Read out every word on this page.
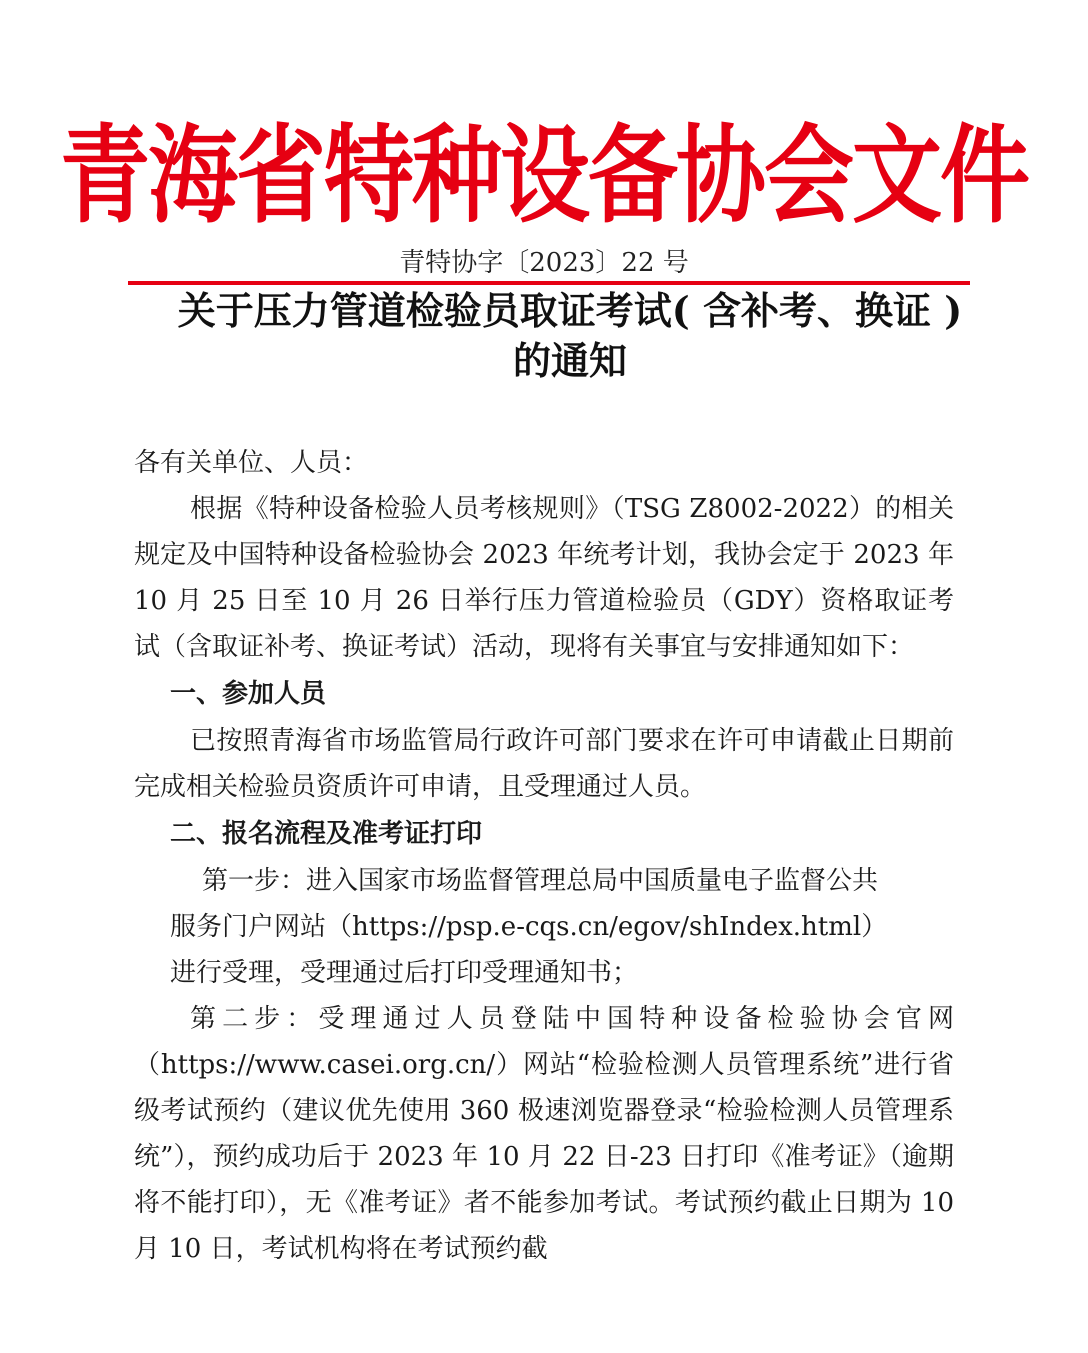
青海省特种设备协会文件
青特协字〔2023〕22 号
关于压力管道检验员取证考试( 含补考、换证 )
的通知

各有关单位、人员：

根据《特种设备检验人员考核规则》（TSG Z8002-2022）的相关规定及中国特种设备检验协会 2023 年统考计划，我协会定于 2023 年 10 月 25 日至 10 月 26 日举行压力管道检验员（GDY）资格取证考试（含取证补考、换证考试）活动，现将有关事宜与安排通知如下：

一、参加人员

已按照青海省市场监管局行政许可部门要求在许可申请截止日期前完成相关检验员资质许可申请，且受理通过人员。

二、报名流程及准考证打印

第一步：进入国家市场监督管理总局中国质量电子监督公共
服务门户网站（https://psp.e-cqs.cn/egov/shIndex.html）
进行受理，受理通过后打印受理通知书；

第二步：受理通过人员登陆中国特种设备检验协会官网（https://www.casei.org.cn/）网站“检验检测人员管理系统”进行省级考试预约（建议优先使用 360 极速浏览器登录“检验检测人员管理系统”），预约成功后于 2023 年 10 月 22 日-23 日打印《准考证》（逾期将不能打印），无《准考证》者不能参加考试。考试预约截止日期为 10 月 10 日，考试机构将在考试预约截
